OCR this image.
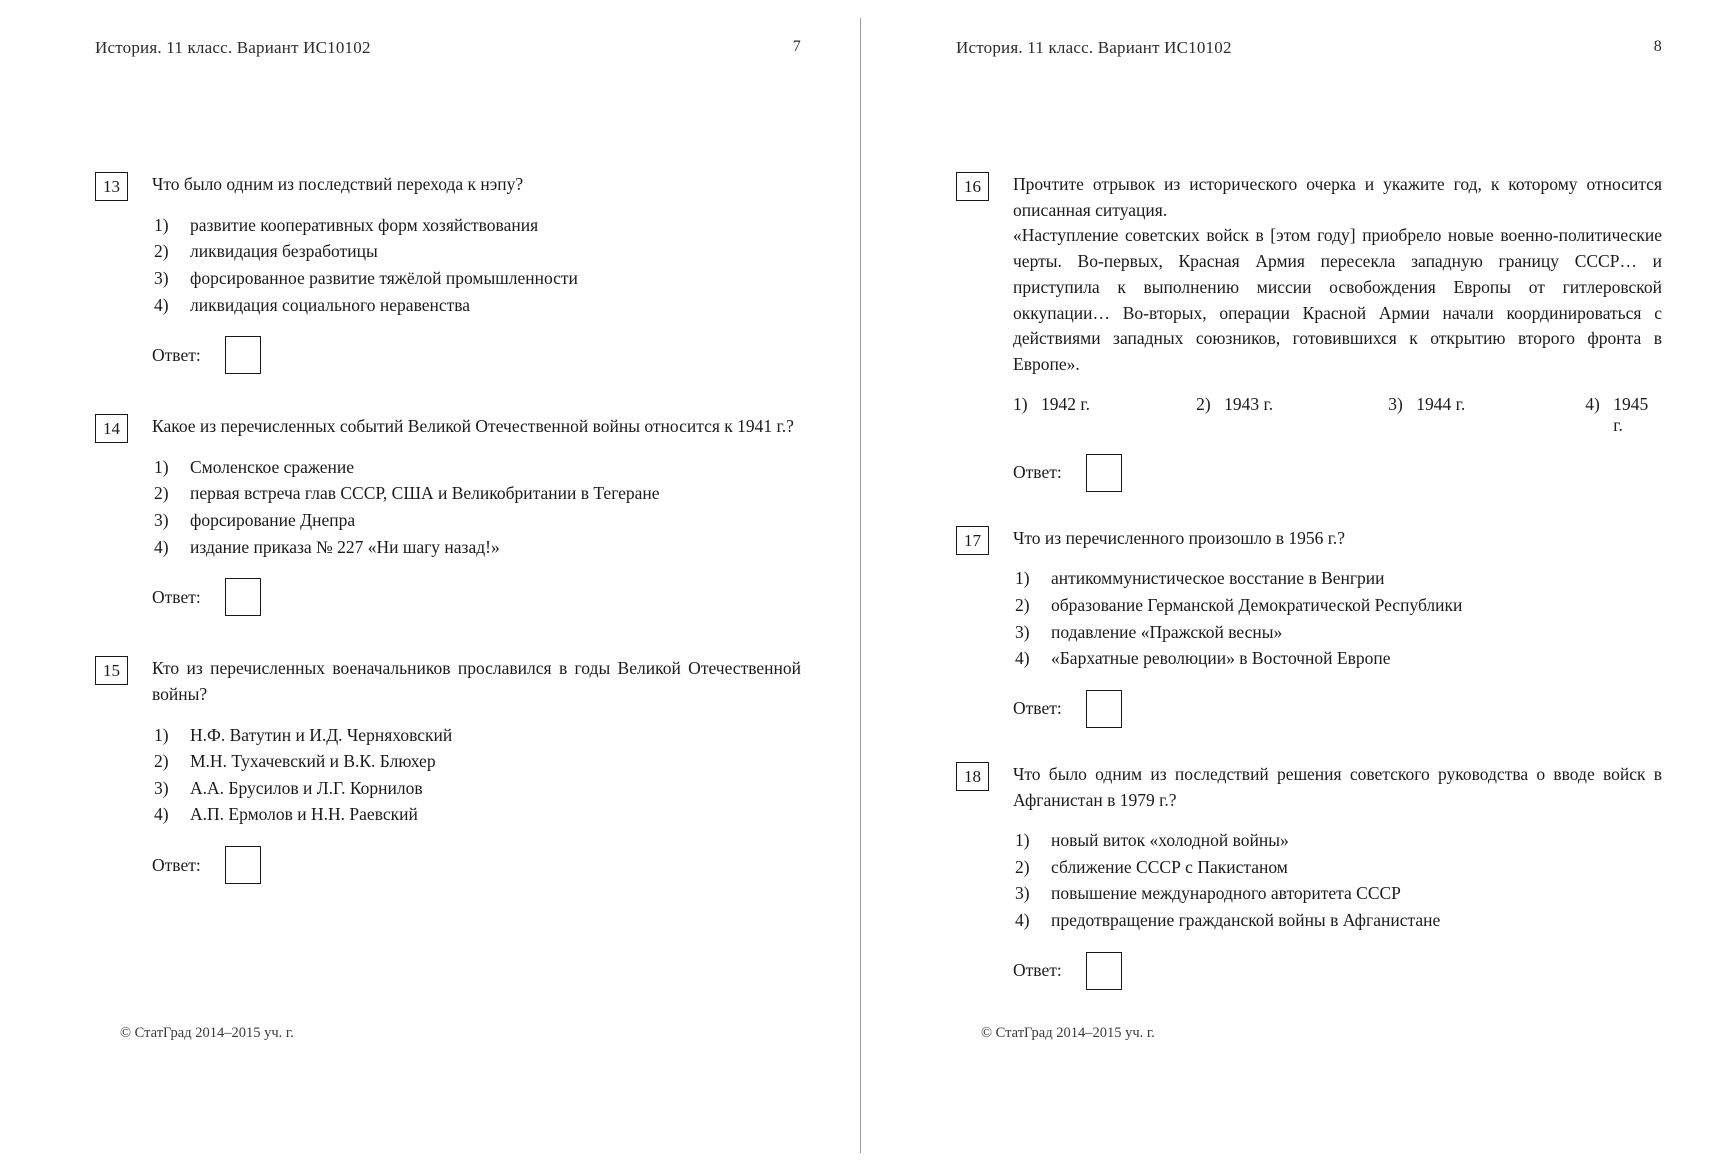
История. 11 класс. Вариант ИС10102	7
13	Что было одним из последствий перехода к нэпу?

1)	развитие кооперативных форм хозяйствования
2)	ликвидация безработицы
3)	форсированное развитие тяжёлой промышленности
4)	ликвидация социального неравенства
Ответ:
14	Какое из перечисленных событий Великой Отечественной войны относится к 1941 г.?

1)	Смоленское сражение
2)	первая встреча глав СССР, США и Великобритании в Тегеране
3)	форсирование Днепра
4)	издание приказа № 227 «Ни шагу назад!»
Ответ:
15	Кто из перечисленных военачальников прославился в годы Великой Отечественной войны?

1)	Н.Ф. Ватутин и И.Д. Черняховский
2)	М.Н. Тухачевский и В.К. Блюхер
3)	А.А. Брусилов и Л.Г. Корнилов
4)	А.П. Ермолов и Н.Н. Раевский
Ответ:
© СтатГрад 2014–2015 уч. г.
История. 11 класс. Вариант ИС10102	8
16	Прочтите отрывок из исторического очерка и укажите год, к которому относится описанная ситуация.

«Наступление советских войск в [этом году] приобрело новые военно-политические черты. Во-первых, Красная Армия пересекла западную границу СССР… и приступила к выполнению миссии освобождения Европы от гитлеровской оккупации… Во-вторых, операции Красной Армии начали координироваться с действиями западных союзников, готовившихся к открытию второго фронта в Европе».

1) 1942 г.	2) 1943 г.	3) 1944 г.	4) 1945 г.
Ответ:
17	Что из перечисленного произошло в 1956 г.?

1)	антикоммунистическое восстание в Венгрии
2)	образование Германской Демократической Республики
3)	подавление «Пражской весны»
4)	«Бархатные революции» в Восточной Европе
Ответ:
18	Что было одним из последствий решения советского руководства о вводе войск в Афганистан в 1979 г.?

1)	новый виток «холодной войны»
2)	сближение СССР с Пакистаном
3)	повышение международного авторитета СССР
4)	предотвращение гражданской войны в Афганистане
Ответ:
© СтатГрад 2014–2015 уч. г.
